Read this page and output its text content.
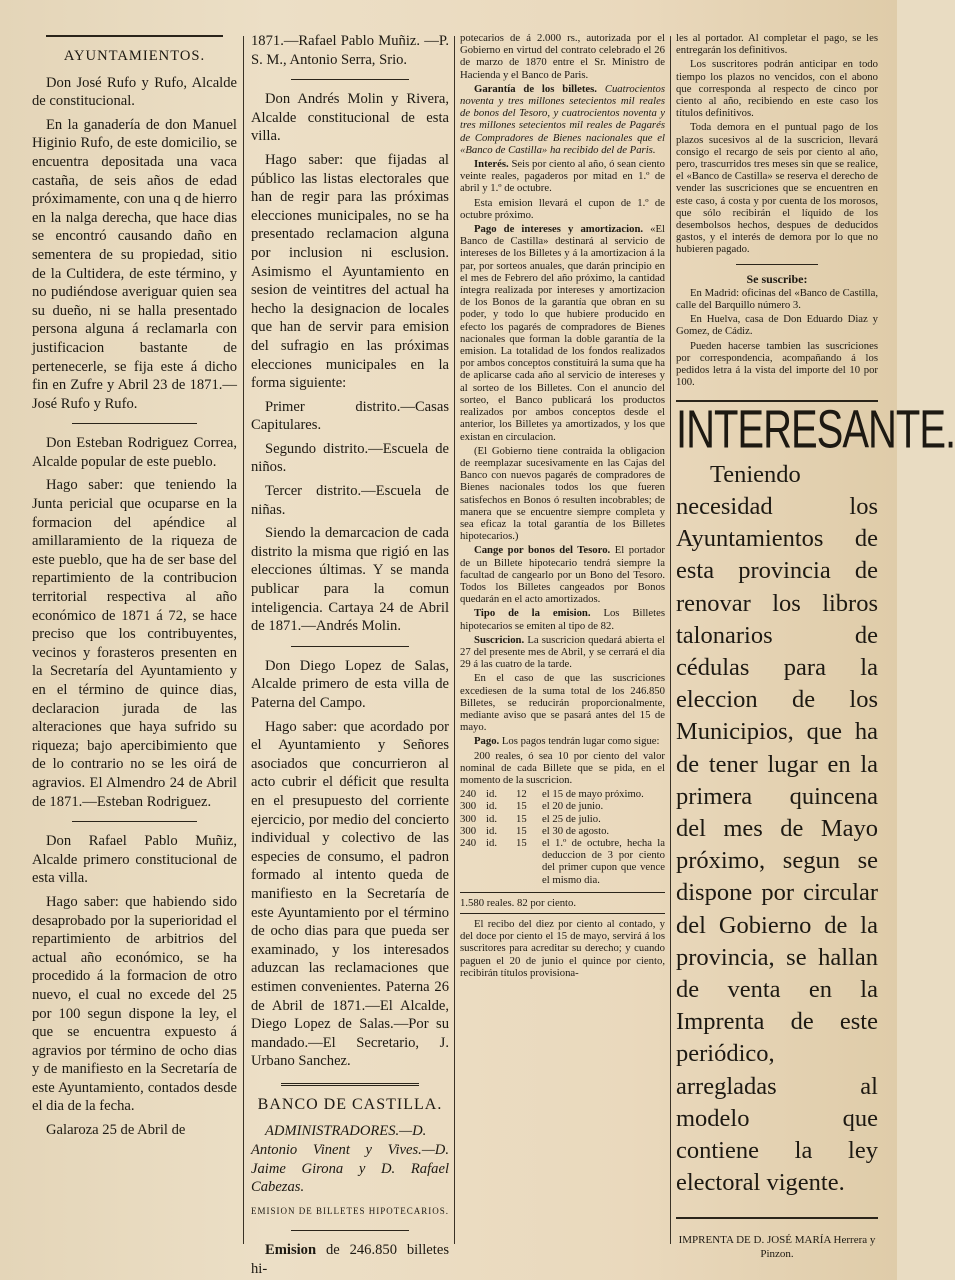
AYUNTAMIENTOS.

Don José Rufo y Rufo, Alcalde de constitucional.

En la ganadería de don Manuel Higinio Rufo, de este domicilio, se encuentra depositada una vaca castaña, de seis años de edad próximamente, con una q de hierro en la nalga derecha, que hace dias se encontró causando daño en sementera de su propiedad, sitio de la Cultidera, de este término, y no pudiéndose averiguar quien sea su dueño, ni se halla presentado persona alguna á reclamarla con justificacion bastante de pertenecerle, se fija este á dicho fin en Zufre y Abril 23 de 1871.—José Rufo y Rufo.

Don Esteban Rodriguez Correa, Alcalde popular de este pueblo.

Hago saber: que teniendo la Junta pericial que ocuparse en la formacion del apéndice al amillaramiento de la riqueza de este pueblo, que ha de ser base del repartimiento de la contribucion territorial respectiva al año económico de 1871 á 72, se hace preciso que los contribuyentes, vecinos y forasteros presenten en la Secretaría del Ayuntamiento y en el término de quince dias, declaracion jurada de las alteraciones que haya sufrido su riqueza; bajo apercibimiento que de lo contrario no se les oirá de agravios. El Almendro 24 de Abril de 1871.—Esteban Rodriguez.

Don Rafael Pablo Muñiz, Alcalde primero constitucional de esta villa.

Hago saber: que habiendo sido desaprobado por la superioridad el repartimiento de arbitrios del actual año económico, se ha procedido á la formacion de otro nuevo, el cual no excede del 25 por 100 segun dispone la ley, el que se encuentra expuesto á agravios por término de ocho dias y de manifiesto en la Secretaría de este Ayuntamiento, contados desde el dia de la fecha.

Galaroza 25 de Abril de

1871.—Rafael Pablo Muñiz. —P. S. M., Antonio Serra, Srio.

Don Andrés Molin y Rivera, Alcalde constitucional de esta villa.

Hago saber: que fijadas al público las listas electorales que han de regir para las próximas elecciones municipales, no se ha presentado reclamacion alguna por inclusion ni esclusion. Asimismo el Ayuntamiento en sesion de veintitres del actual ha hecho la designacion de locales que han de servir para emision del sufragio en las próximas elecciones municipales en la forma siguiente:

Primer distrito.—Casas Capitulares.

Segundo distrito.—Escuela de niños.

Tercer distrito.—Escuela de niñas.

Siendo la demarcacion de cada distrito la misma que rigió en las elecciones últimas. Y se manda publicar para la comun inteligencia. Cartaya 24 de Abril de 1871.—Andrés Molin.

Don Diego Lopez de Salas, Alcalde primero de esta villa de Paterna del Campo.

Hago saber: que acordado por el Ayuntamiento y Señores asociados que concurrieron al acto cubrir el déficit que resulta en el presupuesto del corriente ejercicio, por medio del concierto individual y colectivo de las especies de consumo, el padron formado al intento queda de manifiesto en la Secretaría de este Ayuntamiento por el término de ocho dias para que pueda ser examinado, y los interesados aduzcan las reclamaciones que estimen convenientes. Paterna 26 de Abril de 1871.—El Alcalde, Diego Lopez de Salas.—Por su mandado.—El Secretario, J. Urbano Sanchez.

BANCO DE CASTILLA.

ADMINISTRADORES.—D. Antonio Vinent y Vives.—D. Jaime Girona y D. Rafael Cabezas.

EMISION DE BILLETES HIPOTECARIOS.

Emision de 246.850 billetes hi-

potecarios de á 2.000 rs., autorizada por el Gobierno en virtud del contrato celebrado el 26 de marzo de 1870 entre el Sr. Ministro de Hacienda y el Banco de Paris.

Garantía de los billetes. Cuatrocientos noventa y tres millones setecientos mil reales de bonos del Tesoro, y cuatrocientos noventa y tres millones setecientos mil reales de Pagarés de Compradores de Bienes nacionales que el «Banco de Castilla» ha recibido del de Paris.

Interés. Seis por ciento al año, ó sean ciento veinte reales, pagaderos por mitad en 1.º de abril y 1.º de octubre.

Esta emision llevará el cupon de 1.º de octubre próximo.

Pago de intereses y amortizacion. «El Banco de Castilla» destinará al servicio de intereses de los Billetes y á la amortizacion á la par, por sorteos anuales, que darán principio en el mes de Febrero del año próximo, la cantidad íntegra realizada por intereses y amortizacion de los Bonos de la garantía que obran en su poder, y todo lo que hubiere producido en efecto los pagarés de compradores de Bienes nacionales que forman la doble garantía de la emision. La totalidad de los fondos realizados por ambos conceptos constituirá la suma que ha de aplicarse cada año al servicio de intereses y al sorteo de los Billetes. Con el anuncio del sorteo, el Banco publicará los productos realizados por ambos conceptos desde el anterior, los Billetes ya amortizados, y los que existan en circulacion.

(El Gobierno tiene contraida la obligacion de reemplazar sucesivamente en las Cajas del Banco con nuevos pagarés de compradores de Bienes nacionales todos los que fueren satisfechos en Bonos ó resulten incobrables; de manera que se encuentre siempre completa y sea eficaz la total garantía de los Billetes hipotecarios.)

Cange por bonos del Tesoro. El portador de un Billete hipotecario tendrá siempre la facultad de cangearlo por un Bono del Tesoro. Todos los Billetes cangeados por Bonos quedarán en el acto amortizados.

Tipo de la emision. Los Billetes hipotecarios se emiten al tipo de 82.

Suscricion. La suscricion quedará abierta el 27 del presente mes de Abril, y se cerrará el dia 29 á las cuatro de la tarde.

En el caso de que las suscriciones excediesen de la suma total de los 246.850 Billetes, se reducirán proporcionalmente, mediante aviso que se pasará antes del 15 de mayo.

Pago. Los pagos tendrán lugar como sigue:

200 reales, ó sea 10 por ciento del valor nominal de cada Billete que se pida, en el momento de la suscricion.

240	id.	12	el 15 de mayo próximo.
300	id.	15	el 20 de junio.
300	id.	15	el 25 de julio.
300	id.	15	el 30 de agosto.
240	id.	15	el 1.º de octubre, hecha la deduccion de 3 por ciento del primer cupon que vence el mismo dia.

1.580 reales. 82 por ciento.

El recibo del diez por ciento al contado, y del doce por ciento el 15 de mayo, servirá á los suscritores para acreditar su derecho; y cuando paguen el 20 de junio el quince por ciento, recibirán títulos provisiona-

les al portador. Al completar el pago, se les entregarán los definitivos.

Los suscritores podrán anticipar en todo tiempo los plazos no vencidos, con el abono que corresponda al respecto de cinco por ciento al año, recibiendo en este caso los títulos definitivos.

Toda demora en el puntual pago de los plazos sucesivos al de la suscricion, llevará consigo el recargo de seis por ciento al año, pero, trascurridos tres meses sin que se realice, el «Banco de Castilla» se reserva el derecho de vender las suscriciones que se encuentren en este caso, á costa y por cuenta de los morosos, que sólo recibirán el líquido de los desembolsos hechos, despues de deducidos gastos, y el interés de demora por lo que no hubieren pagado.

Se suscribe:

En Madrid: oficinas del «Banco de Castilla, calle del Barquillo número 3.

En Huelva, casa de Don Eduardo Diaz y Gomez, de Cádiz.

Pueden hacerse tambien las suscriciones por correspondencia, acompañando á los pedidos letra á la vista del importe del 10 por 100.

INTERESANTE.
Teniendo necesidad los Ayuntamientos de esta provincia de renovar los libros talonarios de cédulas para la eleccion de los Municipios, que ha de tener lugar en la primera quincena del mes de Mayo próximo, segun se dispone por circular del Gobierno de la provincia, se hallan de venta en la Imprenta de este periódico, arregladas al modelo que contiene la ley electoral vigente.
IMPRENTA DE D. JOSÉ MARÍA Herrera y Pinzon.
